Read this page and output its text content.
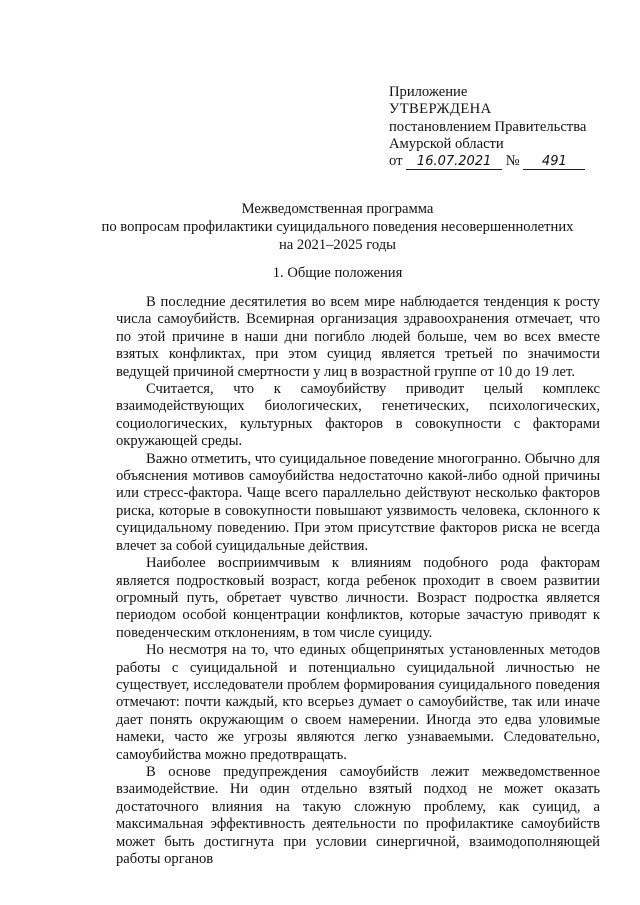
Приложение
УТВЕРЖДЕНА
постановлением Правительства
Амурской области
от 16.07.2021 № 491
Межведомственная программа
по вопросам профилактики суицидального поведения несовершеннолетних
на 2021–2025 годы
1. Общие положения

В последние десятилетия во всем мире наблюдается тенденция к росту числа самоубийств. Всемирная организация здравоохранения отмечает, что по этой причине в наши дни погибло людей больше, чем во всех вместе взятых конфликтах, при этом суицид является третьей по значимости ведущей причиной смертности у лиц в возрастной группе от 10 до 19 лет.

Считается, что к самоубийству приводит целый комплекс взаимодействующих биологических, генетических, психологических, социологических, культурных факторов в совокупности с факторами окружающей среды.

Важно отметить, что суицидальное поведение многогранно. Обычно для объяснения мотивов самоубийства недостаточно какой-либо одной причины или стресс-фактора. Чаще всего параллельно действуют несколько факторов риска, которые в совокупности повышают уязвимость человека, склонного к суицидальному поведению. При этом присутствие факторов риска не всегда влечет за собой суицидальные действия.

Наиболее восприимчивым к влияниям подобного рода факторам является подростковый возраст, когда ребенок проходит в своем развитии огромный путь, обретает чувство личности. Возраст подростка является периодом особой концентрации конфликтов, которые зачастую приводят к поведенческим отклонениям, в том числе суициду.

Но несмотря на то, что единых общепринятых установленных методов работы с суицидальной и потенциально суицидальной личностью не существует, исследователи проблем формирования суицидального поведения отмечают: почти каждый, кто всерьез думает о самоубийстве, так или иначе дает понять окружающим о своем намерении. Иногда это едва уловимые намеки, часто же угрозы являются легко узнаваемыми. Следовательно, самоубийства можно предотвращать.

В основе предупреждения самоубийств лежит межведомственное взаимодействие. Ни один отдельно взятый подход не может оказать достаточного влияния на такую сложную проблему, как суицид, а максимальная эффективность деятельности по профилактике самоубийств может быть достигнута при условии синергичной, взаимодополняющей работы органов
